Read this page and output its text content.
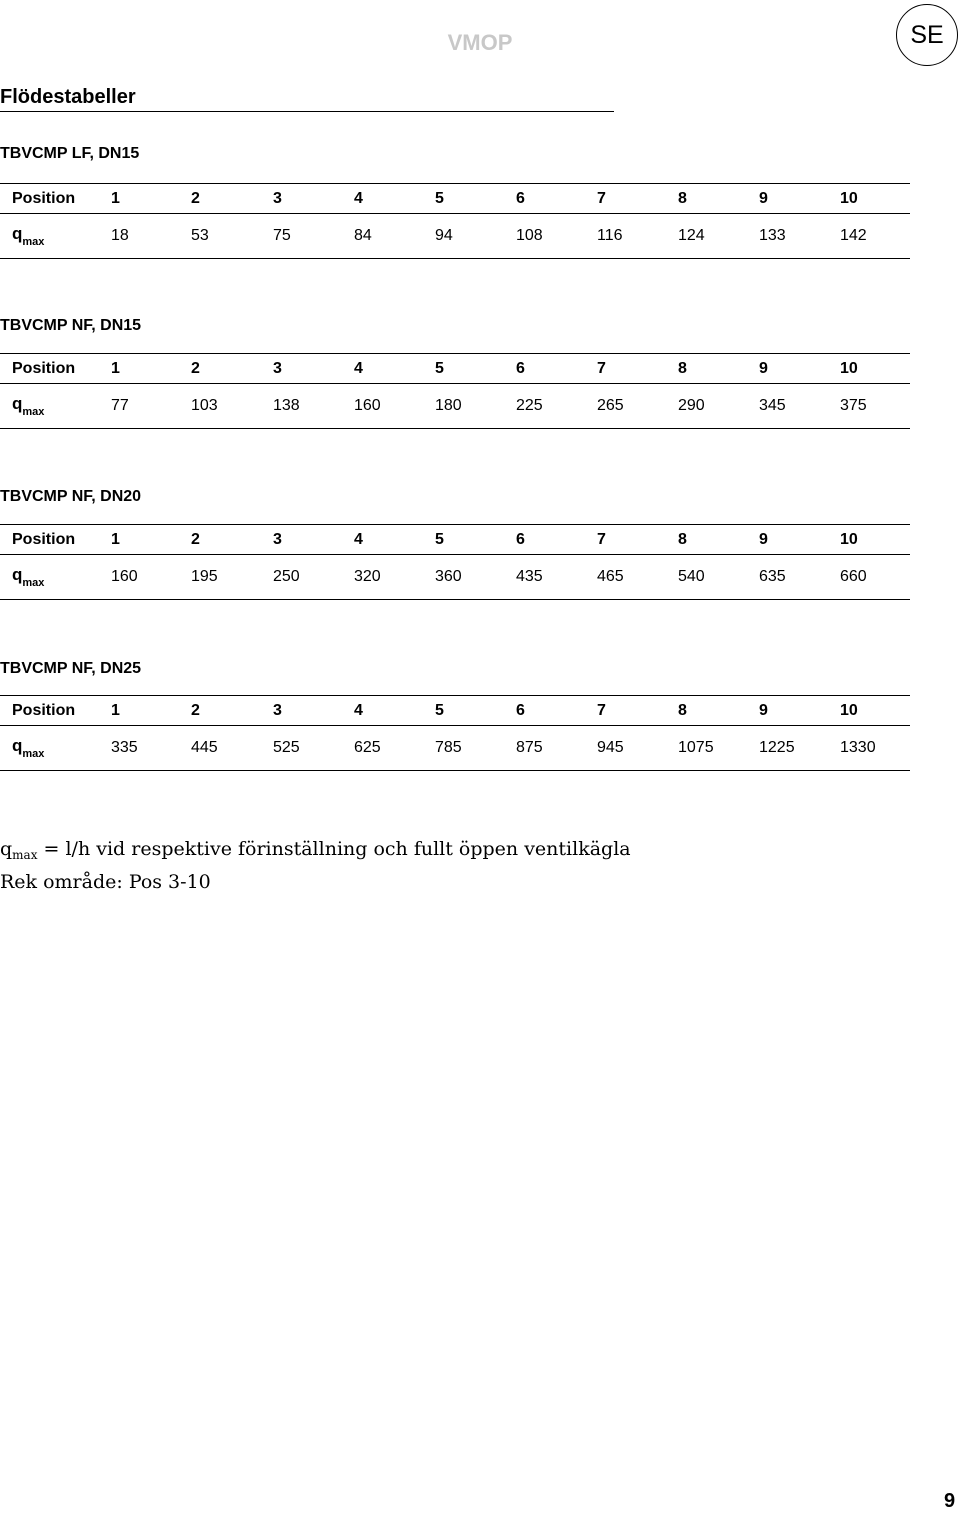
VMOP	SE
Flödestabeller
TBVCMP LF, DN15
Position	1	2	3	4	5	6	7	8	9	10	
$q_{max}$	18	53	75	84	94	108	116	124	133	142	
TBVCMP NF, DN15
Position	1	2	3	4	5	6	7	8	9	10	
$q_{max}$	77	103	138	160	180	225	265	290	345	375	
TBVCMP NF, DN20
Position	1	2	3	4	5	6	7	8	9	10	
$q_{max}$	160	195	250	320	360	435	465	540	635	660	
TBVCMP NF, DN25
Position	1	2	3	4	5	6	7	8	9	10	
$q_{max}$	335	445	525	625	785	875	945	1075	1225	1330	
$q_{max} = l/h$ vid respektive förinställning och fullt öppen ventilkägla
Rek område: Pos 3-10
9
